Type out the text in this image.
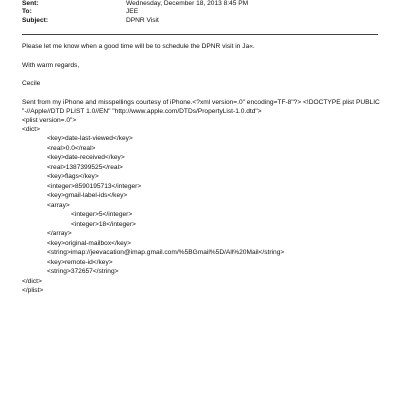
Sent:	Wednesday, December 18, 2013 8:45 PM
To:	JEE
Subject:	DPNR Visit
Please let me know when a good time will be to schedule the DPNR visit in Ja«.
With warm regards,
Cecile
Sent from my iPhone and misspellings courtesy of iPhone.<?xml version=.0" encoding=TF-8"?> <!DOCTYPE plist PUBLIC
"-//Apple//DTD PLIST 1.0//EN" "http://www.apple.com/DTDs/PropertyList-1.0.dtd">
<plist version=.0">
<dict>
<key>date-last-viewed</key>
<real>0.0</real>
<key>date-received</key>
<real>1387399525</real>
<key>flags</key>
<integer>8590195713</integer>
<key>gmail-label-ids</key>
<array>
<integer>5</integer>
<integer>18</integer>
</array>
<key>original-mailbox</key>
<string>imap://jeevacation@imap.gmail.com/%5BGmail%5D/All%20Mail</string>
<key>remote-id</key>
<string>372657</string>
</dict>
</plist>
